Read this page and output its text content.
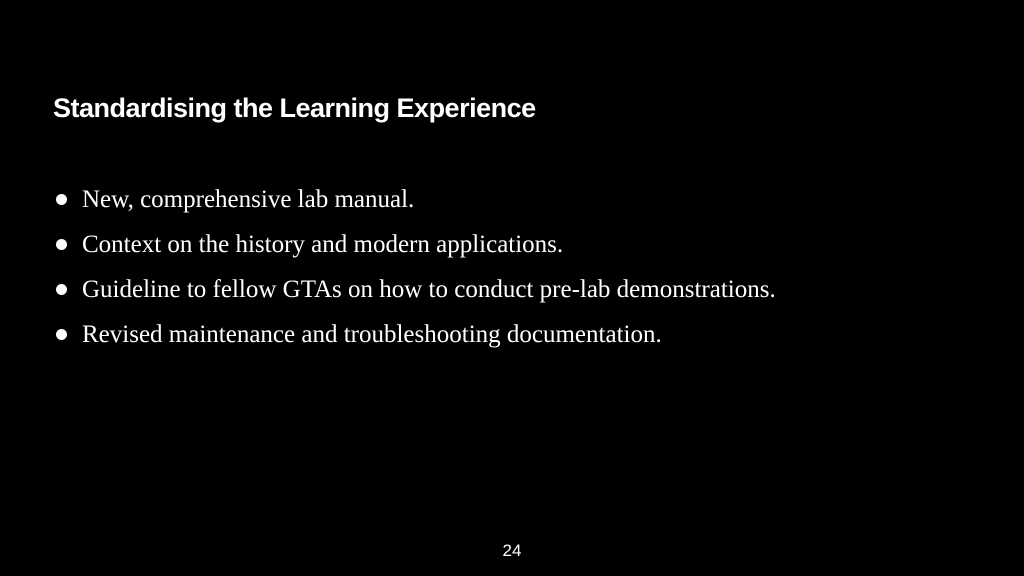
Standardising the Learning Experience
New, comprehensive lab manual.
Context on the history and modern applications.
Guideline to fellow GTAs on how to conduct pre-lab demonstrations.
Revised maintenance and troubleshooting documentation.
24
